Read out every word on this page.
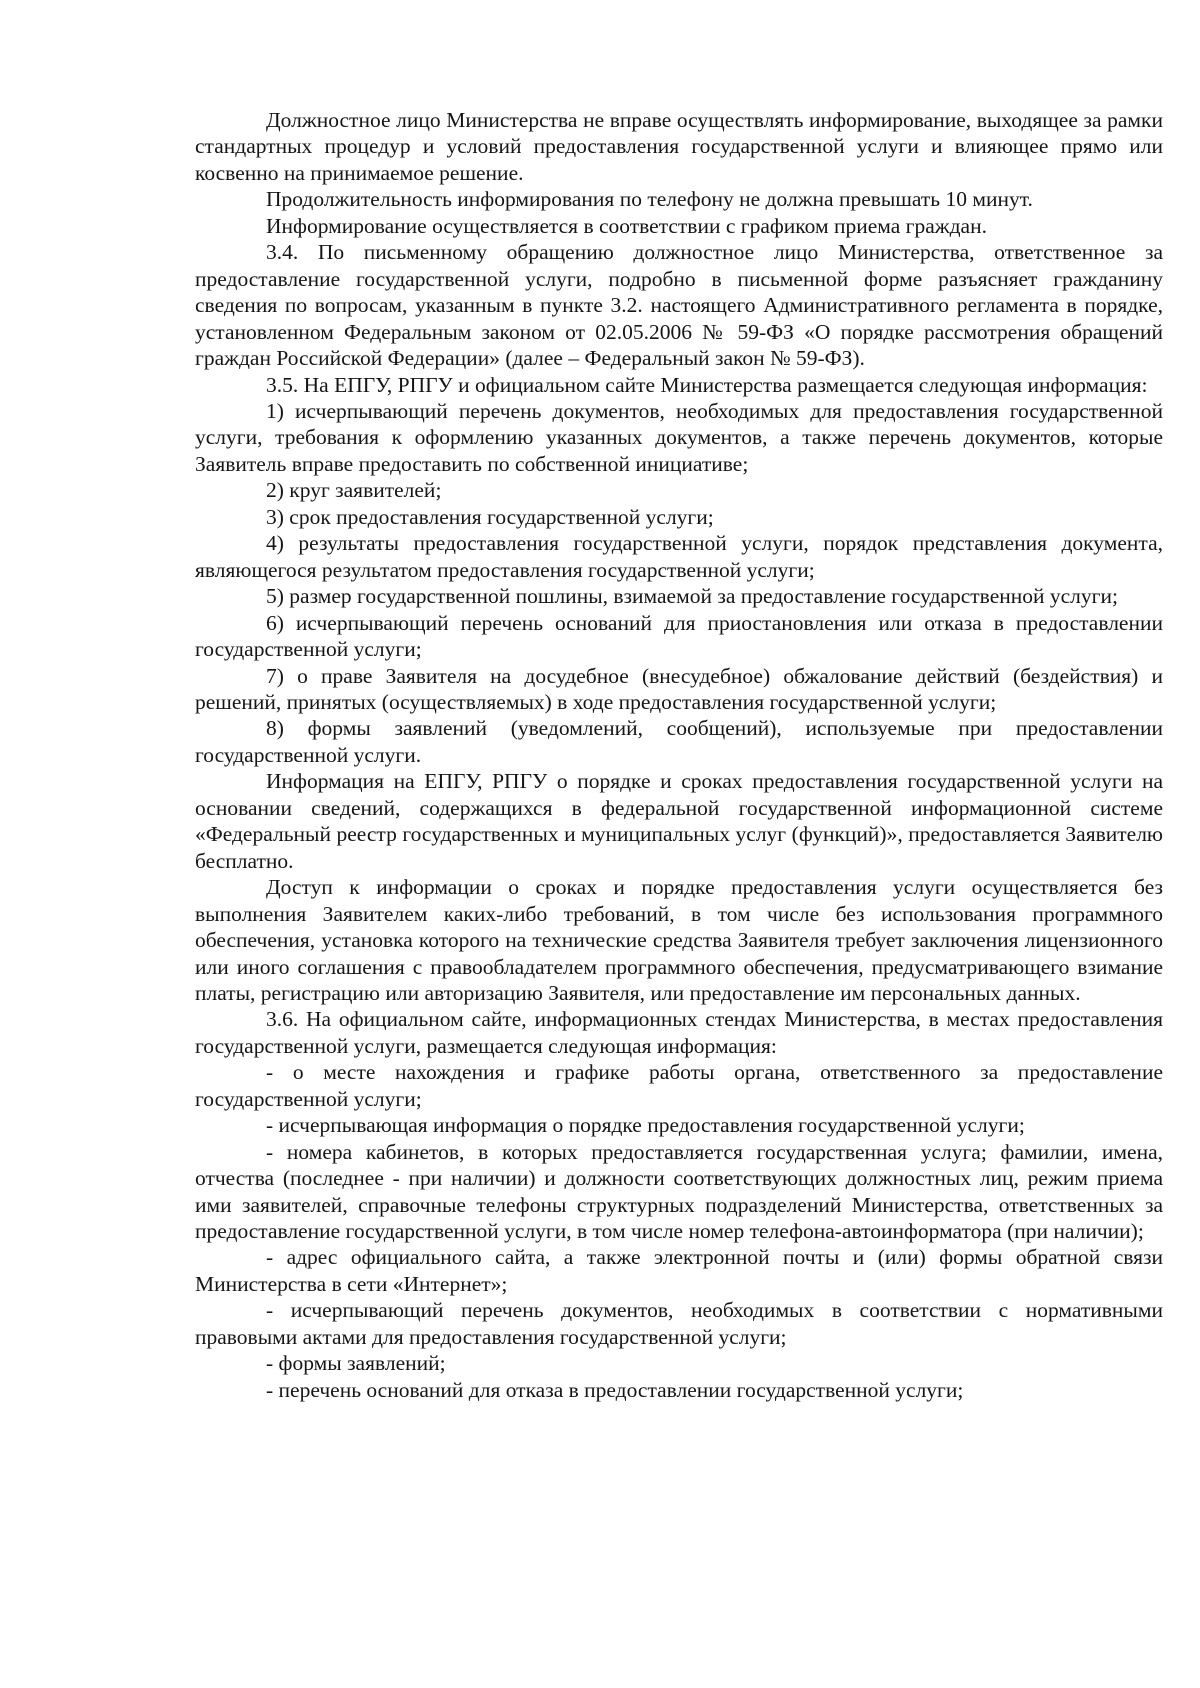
Должностное лицо Министерства не вправе осуществлять информирование, выходящее за рамки стандартных процедур и условий предоставления государственной услуги и влияющее прямо или косвенно на принимаемое решение.

Продолжительность информирования по телефону не должна превышать 10 минут.

Информирование осуществляется в соответствии с графиком приема граждан.

3.4. По письменному обращению должностное лицо Министерства, ответственное за предоставление государственной услуги, подробно в письменной форме разъясняет гражданину сведения по вопросам, указанным в пункте 3.2. настоящего Административного регламента в порядке, установленном Федеральным законом от 02.05.2006 № 59-ФЗ «О порядке рассмотрения обращений граждан Российской Федерации» (далее – Федеральный закон № 59-ФЗ).

3.5. На ЕПГУ, РПГУ и официальном сайте Министерства размещается следующая информация:

1) исчерпывающий перечень документов, необходимых для предоставления государственной услуги, требования к оформлению указанных документов, а также перечень документов, которые Заявитель вправе предоставить по собственной инициативе;

2) круг заявителей;

3) срок предоставления государственной услуги;

4) результаты предоставления государственной услуги, порядок представления документа, являющегося результатом предоставления государственной услуги;

5) размер государственной пошлины, взимаемой за предоставление государственной услуги;

6) исчерпывающий перечень оснований для приостановления или отказа в предоставлении государственной услуги;

7) о праве Заявителя на досудебное (внесудебное) обжалование действий (бездействия) и решений, принятых (осуществляемых) в ходе предоставления государственной услуги;

8) формы заявлений (уведомлений, сообщений), используемые при предоставлении государственной услуги.

Информация на ЕПГУ, РПГУ о порядке и сроках предоставления государственной услуги на основании сведений, содержащихся в федеральной государственной информационной системе «Федеральный реестр государственных и муниципальных услуг (функций)», предоставляется Заявителю бесплатно.

Доступ к информации о сроках и порядке предоставления услуги осуществляется без выполнения Заявителем каких-либо требований, в том числе без использования программного обеспечения, установка которого на технические средства Заявителя требует заключения лицензионного или иного соглашения с правообладателем программного обеспечения, предусматривающего взимание платы, регистрацию или авторизацию Заявителя, или предоставление им персональных данных.

3.6. На официальном сайте, информационных стендах Министерства, в местах предоставления государственной услуги, размещается следующая информация:

- о месте нахождения и графике работы органа, ответственного за предоставление государственной услуги;

- исчерпывающая информация о порядке предоставления государственной услуги;

- номера кабинетов, в которых предоставляется государственная услуга; фамилии, имена, отчества (последнее - при наличии) и должности соответствующих должностных лиц, режим приема ими заявителей, справочные телефоны структурных подразделений Министерства, ответственных за предоставление государственной услуги, в том числе номер телефона-автоинформатора (при наличии);

- адрес официального сайта, а также электронной почты и (или) формы обратной связи Министерства в сети «Интернет»;

- исчерпывающий перечень документов, необходимых в соответствии с нормативными правовыми актами для предоставления государственной услуги;

- формы заявлений;

- перечень оснований для отказа в предоставлении государственной услуги;
